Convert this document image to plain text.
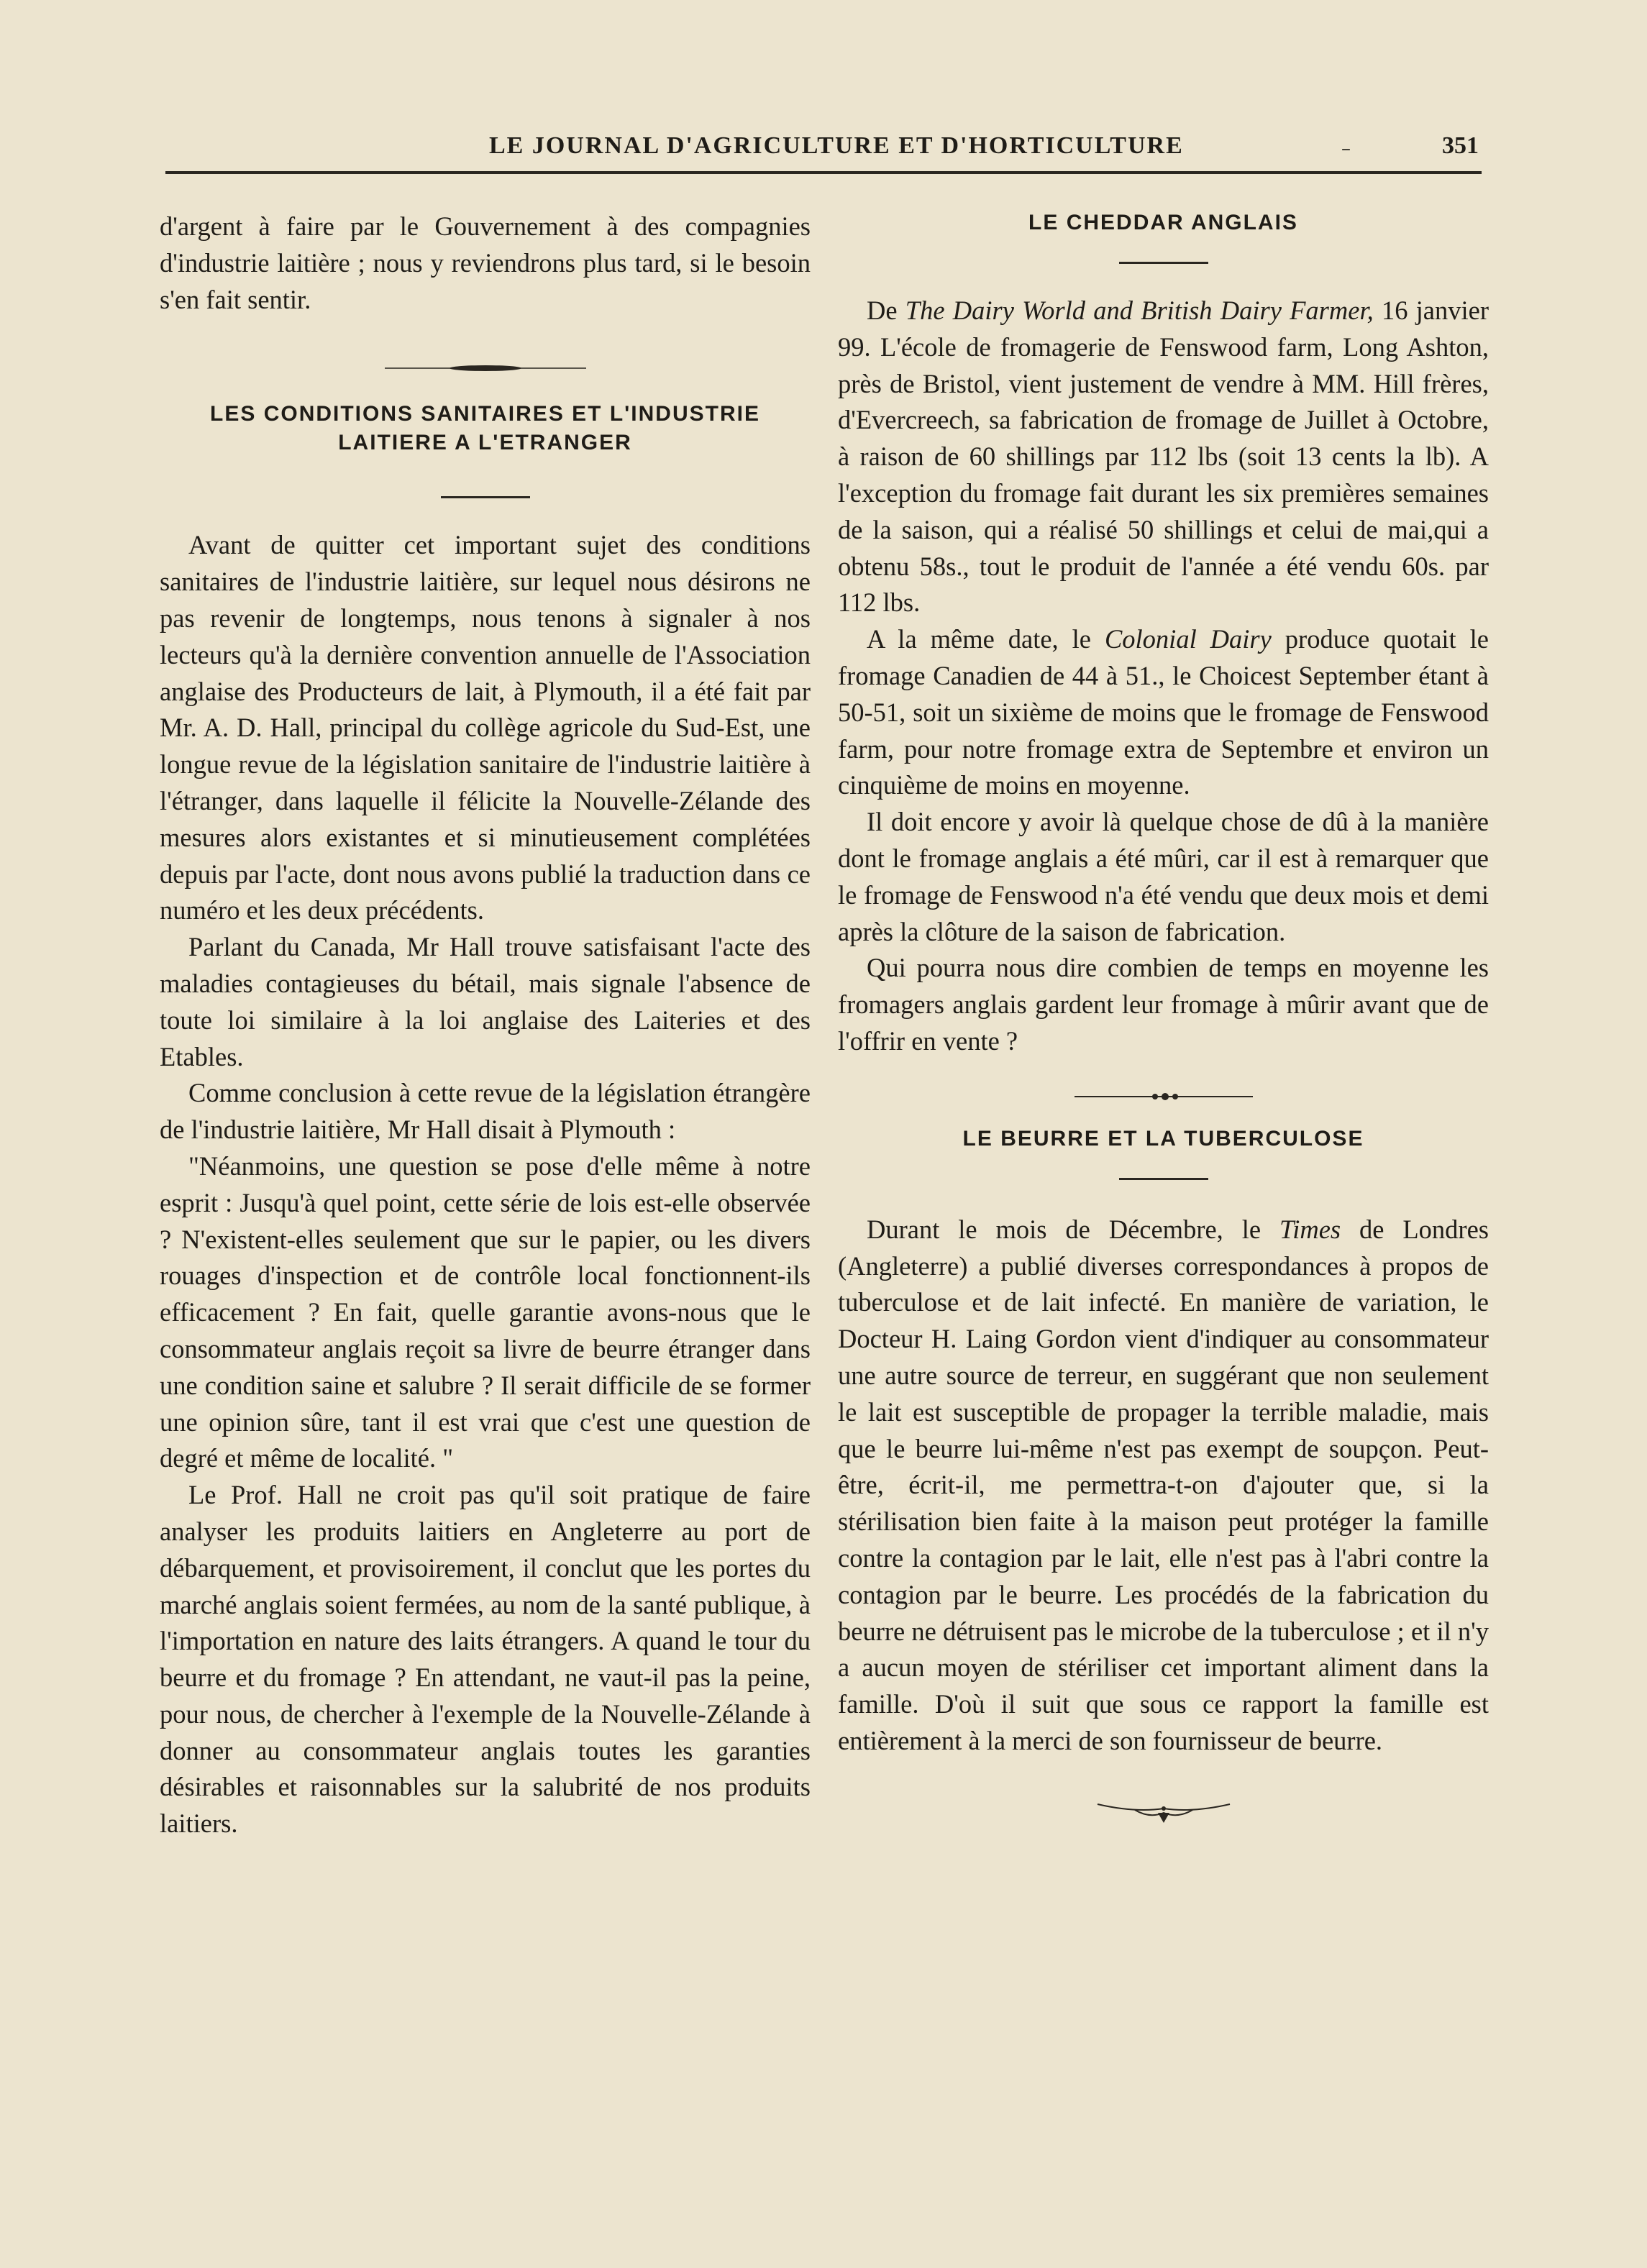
LE JOURNAL D'AGRICULTURE ET D'HORTICULTURE	–	351

d'argent à faire par le Gouvernement à des compagnies d'industrie laitière ; nous y reviendrons plus tard, si le besoin s'en fait sentir.

LES CONDITIONS SANITAIRES ET L'INDUSTRIE
LAITIERE A L'ETRANGER

Avant de quitter cet important sujet des conditions sanitaires de l'industrie laitière, sur lequel nous désirons ne pas revenir de longtemps, nous tenons à signaler à nos lecteurs qu'à la dernière convention annuelle de l'Association anglaise des Producteurs de lait, à Plymouth, il a été fait par Mr. A. D. Hall, principal du collège agricole du Sud-Est, une longue revue de la législation sanitaire de l'industrie laitière à l'étranger, dans laquelle il félicite la Nouvelle-Zélande des mesures alors existantes et si minutieusement complétées depuis par l'acte, dont nous avons publié la traduction dans ce numéro et les deux précédents.

Parlant du Canada, Mr Hall trouve satisfaisant l'acte des maladies contagieuses du bétail, mais signale l'absence de toute loi similaire à la loi anglaise des Laiteries et des Etables.

Comme conclusion à cette revue de la législation étrangère de l'industrie laitière, Mr Hall disait à Plymouth :

"Néanmoins, une question se pose d'elle même à notre esprit : Jusqu'à quel point, cette série de lois est-elle observée ? N'existent-elles seulement que sur le papier, ou les divers rouages d'inspection et de contrôle local fonctionnent-ils efficacement ? En fait, quelle garantie avons-nous que le consommateur anglais reçoit sa livre de beurre étranger dans une condition saine et salubre ? Il serait difficile de se former une opinion sûre, tant il est vrai que c'est une question de degré et même de localité. "

Le Prof. Hall ne croit pas qu'il soit pratique de faire analyser les produits laitiers en Angleterre au port de débarquement, et provisoirement, il conclut que les portes du marché anglais soient fermées, au nom de la santé publique, à l'importation en nature des laits étrangers. A quand le tour du beurre et du fromage ? En attendant, ne vaut-il pas la peine, pour nous, de chercher à l'exemple de la Nouvelle-Zélande à donner au consommateur anglais toutes les garanties désirables et raisonnables sur la salubrité de nos produits laitiers.

LE CHEDDAR ANGLAIS

De The Dairy World and British Dairy Farmer, 16 janvier 99. L'école de fromagerie de Fenswood farm, Long Ashton, près de Bristol, vient justement de vendre à MM. Hill frères, d'Evercreech, sa fabrication de fromage de Juillet à Octobre, à raison de 60 shillings par 112 lbs (soit 13 cents la lb). A l'exception du fromage fait durant les six premières semaines de la saison, qui a réalisé 50 shillings et celui de mai,qui a obtenu 58s., tout le produit de l'année a été vendu 60s. par 112 lbs.

A la même date, le Colonial Dairy produce quotait le fromage Canadien de 44 à 51., le Choicest September étant à 50-51, soit un sixième de moins que le fromage de Fenswood farm, pour notre fromage extra de Septembre et environ un cinquième de moins en moyenne.

Il doit encore y avoir là quelque chose de dû à la manière dont le fromage anglais a été mûri, car il est à remarquer que le fromage de Fenswood n'a été vendu que deux mois et demi après la clôture de la saison de fabrication.

Qui pourra nous dire combien de temps en moyenne les fromagers anglais gardent leur fromage à mûrir avant que de l'offrir en vente ?

LE BEURRE ET LA TUBERCULOSE

Durant le mois de Décembre, le Times de Londres (Angleterre) a publié diverses correspondances à propos de tuberculose et de lait infecté. En manière de variation, le Docteur H. Laing Gordon vient d'indiquer au consommateur une autre source de terreur, en suggérant que non seulement le lait est susceptible de propager la terrible maladie, mais que le beurre lui-même n'est pas exempt de soupçon. Peut-être, écrit-il, me permettra-t-on d'ajouter que, si la stérilisation bien faite à la maison peut protéger la famille contre la contagion par le lait, elle n'est pas à l'abri contre la contagion par le beurre. Les procédés de la fabrication du beurre ne détruisent pas le microbe de la tuberculose ; et il n'y a aucun moyen de stériliser cet important aliment dans la famille. D'où il suit que sous ce rapport la famille est entièrement à la merci de son fournisseur de beurre.
